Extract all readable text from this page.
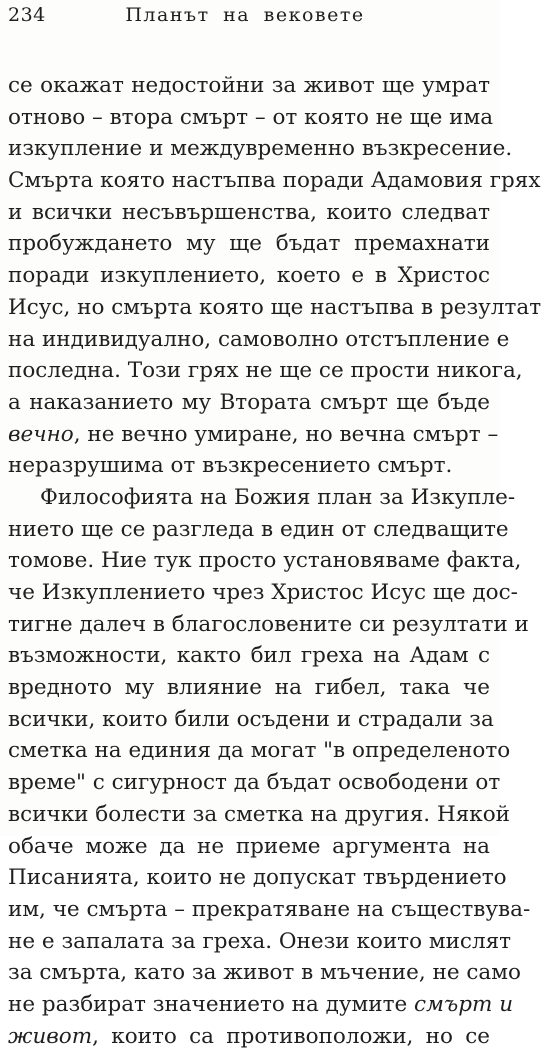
234	Планът на вековете
се окажат недостойни за живот ще умрат
отново – втора смърт – от която не ще има
изкупление и междувременно възкресение.
Смърта която настъпва поради Адамовия грях
и всички несъвършенства, които следват
пробуждането му ще бъдат премахнати
поради изкуплението, което е в Христос
Исус, но смърта която ще настъпва в резултат
на индивидуално, самоволно отстъпление е
последна. Този грях не ще се прости никога,
а наказанието му Втората смърт ще бъде
вечно, не вечно умиране, но вечна смърт –
неразрушима от възкресението смърт.
Философията на Божия план за Изкупле-
нието ще се разгледа в един от следващите
томове. Ние тук просто установяваме факта,
че Изкуплението чрез Христос Исус ще дос-
тигне далеч в благословените си резултати и
възможности, както бил греха на Адам с
вредното му влияние на гибел, така че
всички, които били осъдени и страдали за
сметка на единия да могат "в определеното
време" с сигурност да бъдат освободени от
всички болести за сметка на другия. Някой
обаче може да не приеме аргумента на
Писанията, които не допускат твърдението
им, че смърта – прекратяване на съществува-
не е запалата за греха. Онези които мислят
за смърта, като за живот в мъчение, не само
не разбират значението на думите смърт и
живот, които са противоположи, но се
